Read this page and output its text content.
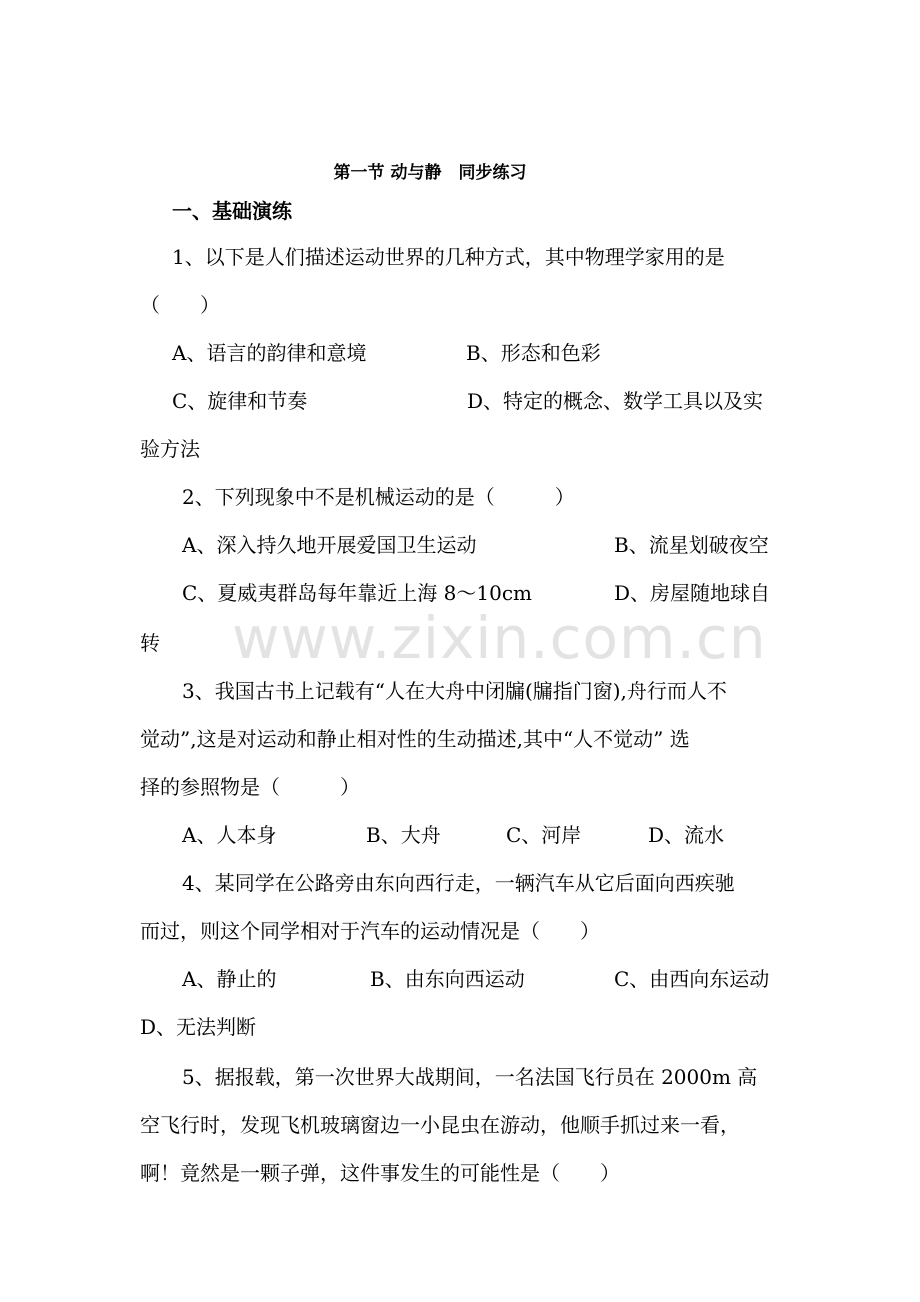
第一节 动与静　同步练习
一、基础演练
1、以下是人们描述运动世界的几种方式，其中物理学家用的是
（　　）
A、语言的韵律和意境	B、形态和色彩
C、旋律和节奏	D、特定的概念、数学工具以及实
验方法
2、下列现象中不是机械运动的是（　　　）
A、深入持久地开展爱国卫生运动	B、流星划破夜空
C、夏威夷群岛每年靠近上海 8～10cm	D、房屋随地球自
转
3、我国古书上记载有“人在大舟中闭牖(牖指门窗),舟行而人不
觉动”,这是对运动和静止相对性的生动描述,其中“人不觉动” 选
择的参照物是（　　　）
A、人本身	B、大舟	C、河岸	D、流水
4、某同学在公路旁由东向西行走，一辆汽车从它后面向西疾驰
而过，则这个同学相对于汽车的运动情况是（　　）
A、静止的	B、由东向西运动	C、由西向东运动
D、无法判断
5、据报载，第一次世界大战期间，一名法国飞行员在 2000m 高
空飞行时，发现飞机玻璃窗边一小昆虫在游动，他顺手抓过来一看，
啊！竟然是一颗子弹，这件事发生的可能性是（　　）
www.zixin.com.cn
